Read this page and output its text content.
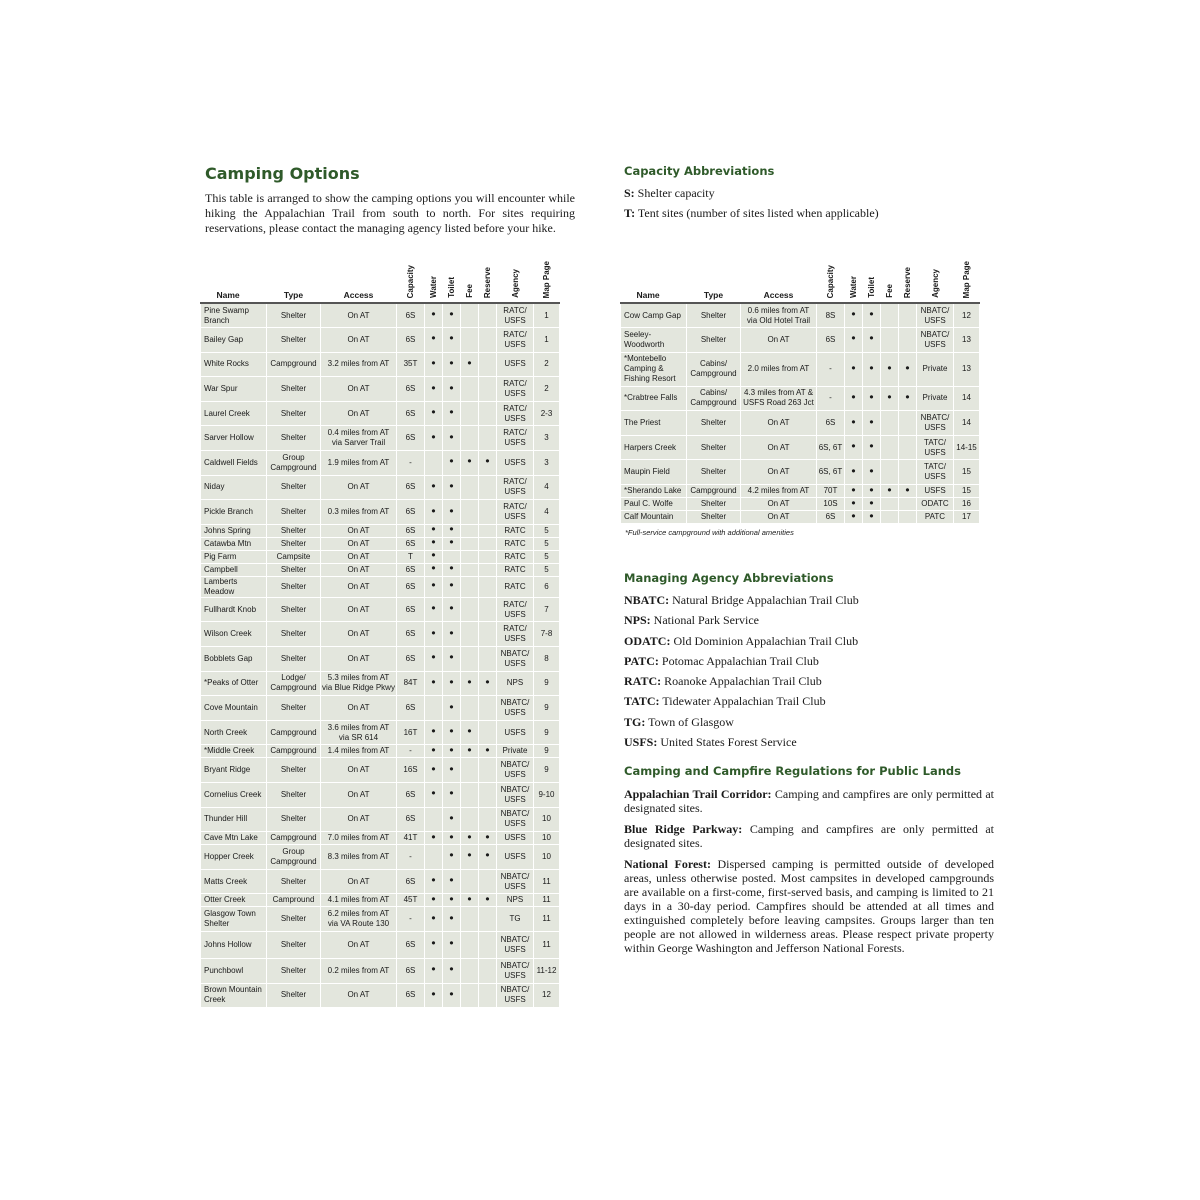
Camping Options

This table is arranged to show the camping options you will encounter while hiking the Appalachian Trail from south to north. For sites requiring reservations, please contact the managing agency listed before your hike.

Capacity Abbreviations
S: Shelter capacity
T: Tent sites (number of sites listed when applicable)
Name	Type	Access	Capacity	Water	Toilet	Fee	Reserve	Agency	Map Page
Pine Swamp Branch	Shelter	On AT	6S	•	•			RATC/ USFS	1
Bailey Gap	Shelter	On AT	6S	•	•			RATC/ USFS	1
White Rocks	Campground	3.2 miles from AT	35T	•	•	•		USFS	2
War Spur	Shelter	On AT	6S	•	•			RATC/ USFS	2
Laurel Creek	Shelter	On AT	6S	•	•			RATC/ USFS	2-3
Sarver Hollow	Shelter	0.4 miles from AT via Sarver Trail	6S	•	•			RATC/ USFS	3
Caldwell Fields	Group Campground	1.9 miles from AT	-		•	•	•	USFS	3
Niday	Shelter	On AT	6S	•	•			RATC/ USFS	4
Pickle Branch	Shelter	0.3 miles from AT	6S	•	•			RATC/ USFS	4
Johns Spring	Shelter	On AT	6S	•	•			RATC	5
Catawba Mtn	Shelter	On AT	6S	•	•			RATC	5
Pig Farm	Campsite	On AT	T	•				RATC	5
Campbell	Shelter	On AT	6S	•	•			RATC	5
Lamberts Meadow	Shelter	On AT	6S	•	•			RATC	6
Fullhardt Knob	Shelter	On AT	6S	•	•			RATC/ USFS	7
Wilson Creek	Shelter	On AT	6S	•	•			RATC/ USFS	7-8
Bobblets Gap	Shelter	On AT	6S	•	•			NBATC/ USFS	8
*Peaks of Otter	Lodge/ Campground	5.3 miles from AT via Blue Ridge Pkwy	84T	•	•	•	•	NPS	9
Cove Mountain	Shelter	On AT	6S		•			NBATC/ USFS	9
North Creek	Campground	3.6 miles from AT via SR 614	16T	•	•	•		USFS	9
*Middle Creek	Campground	1.4 miles from AT	-	•	•	•	•	Private	9
Bryant Ridge	Shelter	On AT	16S	•	•			NBATC/ USFS	9
Cornelius Creek	Shelter	On AT	6S	•	•			NBATC/ USFS	9-10
Thunder Hill	Shelter	On AT	6S		•			NBATC/ USFS	10
Cave Mtn Lake	Campground	7.0 miles from AT	41T	•	•	•	•	USFS	10
Hopper Creek	Group Campground	8.3 miles from AT	-		•	•	•	USFS	10
Matts Creek	Shelter	On AT	6S	•	•			NBATC/ USFS	11
Otter Creek	Campround	4.1 miles from AT	45T	•	•	•	•	NPS	11
Glasgow Town Shelter	Shelter	6.2 miles from AT via VA Route 130	-	•	•			TG	11
Johns Hollow	Shelter	On AT	6S	•	•			NBATC/ USFS	11
Punchbowl	Shelter	0.2 miles from AT	6S	•	•			NBATC/ USFS	11-12
Brown Mountain Creek	Shelter	On AT	6S	•	•			NBATC/ USFS	12
Name	Type	Access	Capacity	Water	Toilet	Fee	Reserve	Agency	Map Page
Cow Camp Gap	Shelter	0.6 miles from AT via Old Hotel Trail	8S	•	•			NBATC/ USFS	12
Seeley-Woodworth	Shelter	On AT	6S	•	•			NBATC/ USFS	13
*Montebello Camping & Fishing Resort	Cabins/ Campground	2.0 miles from AT	-	•	•	•	•	Private	13
*Crabtree Falls	Cabins/ Campground	4.3 miles from AT & USFS Road 263 Jct	-	•	•	•	•	Private	14
The Priest	Shelter	On AT	6S	•	•			NBATC/ USFS	14
Harpers Creek	Shelter	On AT	6S, 6T	•	•			TATC/ USFS	14-15
Maupin Field	Shelter	On AT	6S, 6T	•	•			TATC/ USFS	15
*Sherando Lake	Campground	4.2 miles from AT	70T	•	•	•	•	USFS	15
Paul C. Wolfe	Shelter	On AT	10S	•	•			ODATC	16
Calf Mountain	Shelter	On AT	6S	•	•			PATC	17
*Full-service campground with additional amenities
Managing Agency Abbreviations
NBATC: Natural Bridge Appalachian Trail Club
NPS: National Park Service
ODATC: Old Dominion Appalachian Trail Club
PATC: Potomac Appalachian Trail Club
RATC: Roanoke Appalachian Trail Club
TATC: Tidewater Appalachian Trail Club
TG: Town of Glasgow
USFS: United States Forest Service
Camping and Campfire Regulations for Public Lands

Appalachian Trail Corridor: Camping and campfires are only permitted at designated sites.

Blue Ridge Parkway: Camping and campfires are only permitted at designated sites.

National Forest: Dispersed camping is permitted outside of developed areas, unless otherwise posted. Most campsites in developed campgrounds are available on a first-come, first-served basis, and camping is limited to 21 days in a 30-day period. Campfires should be attended at all times and extinguished completely before leaving campsites. Groups larger than ten people are not allowed in wilderness areas. Please respect private property within George Washington and Jefferson National Forests.
